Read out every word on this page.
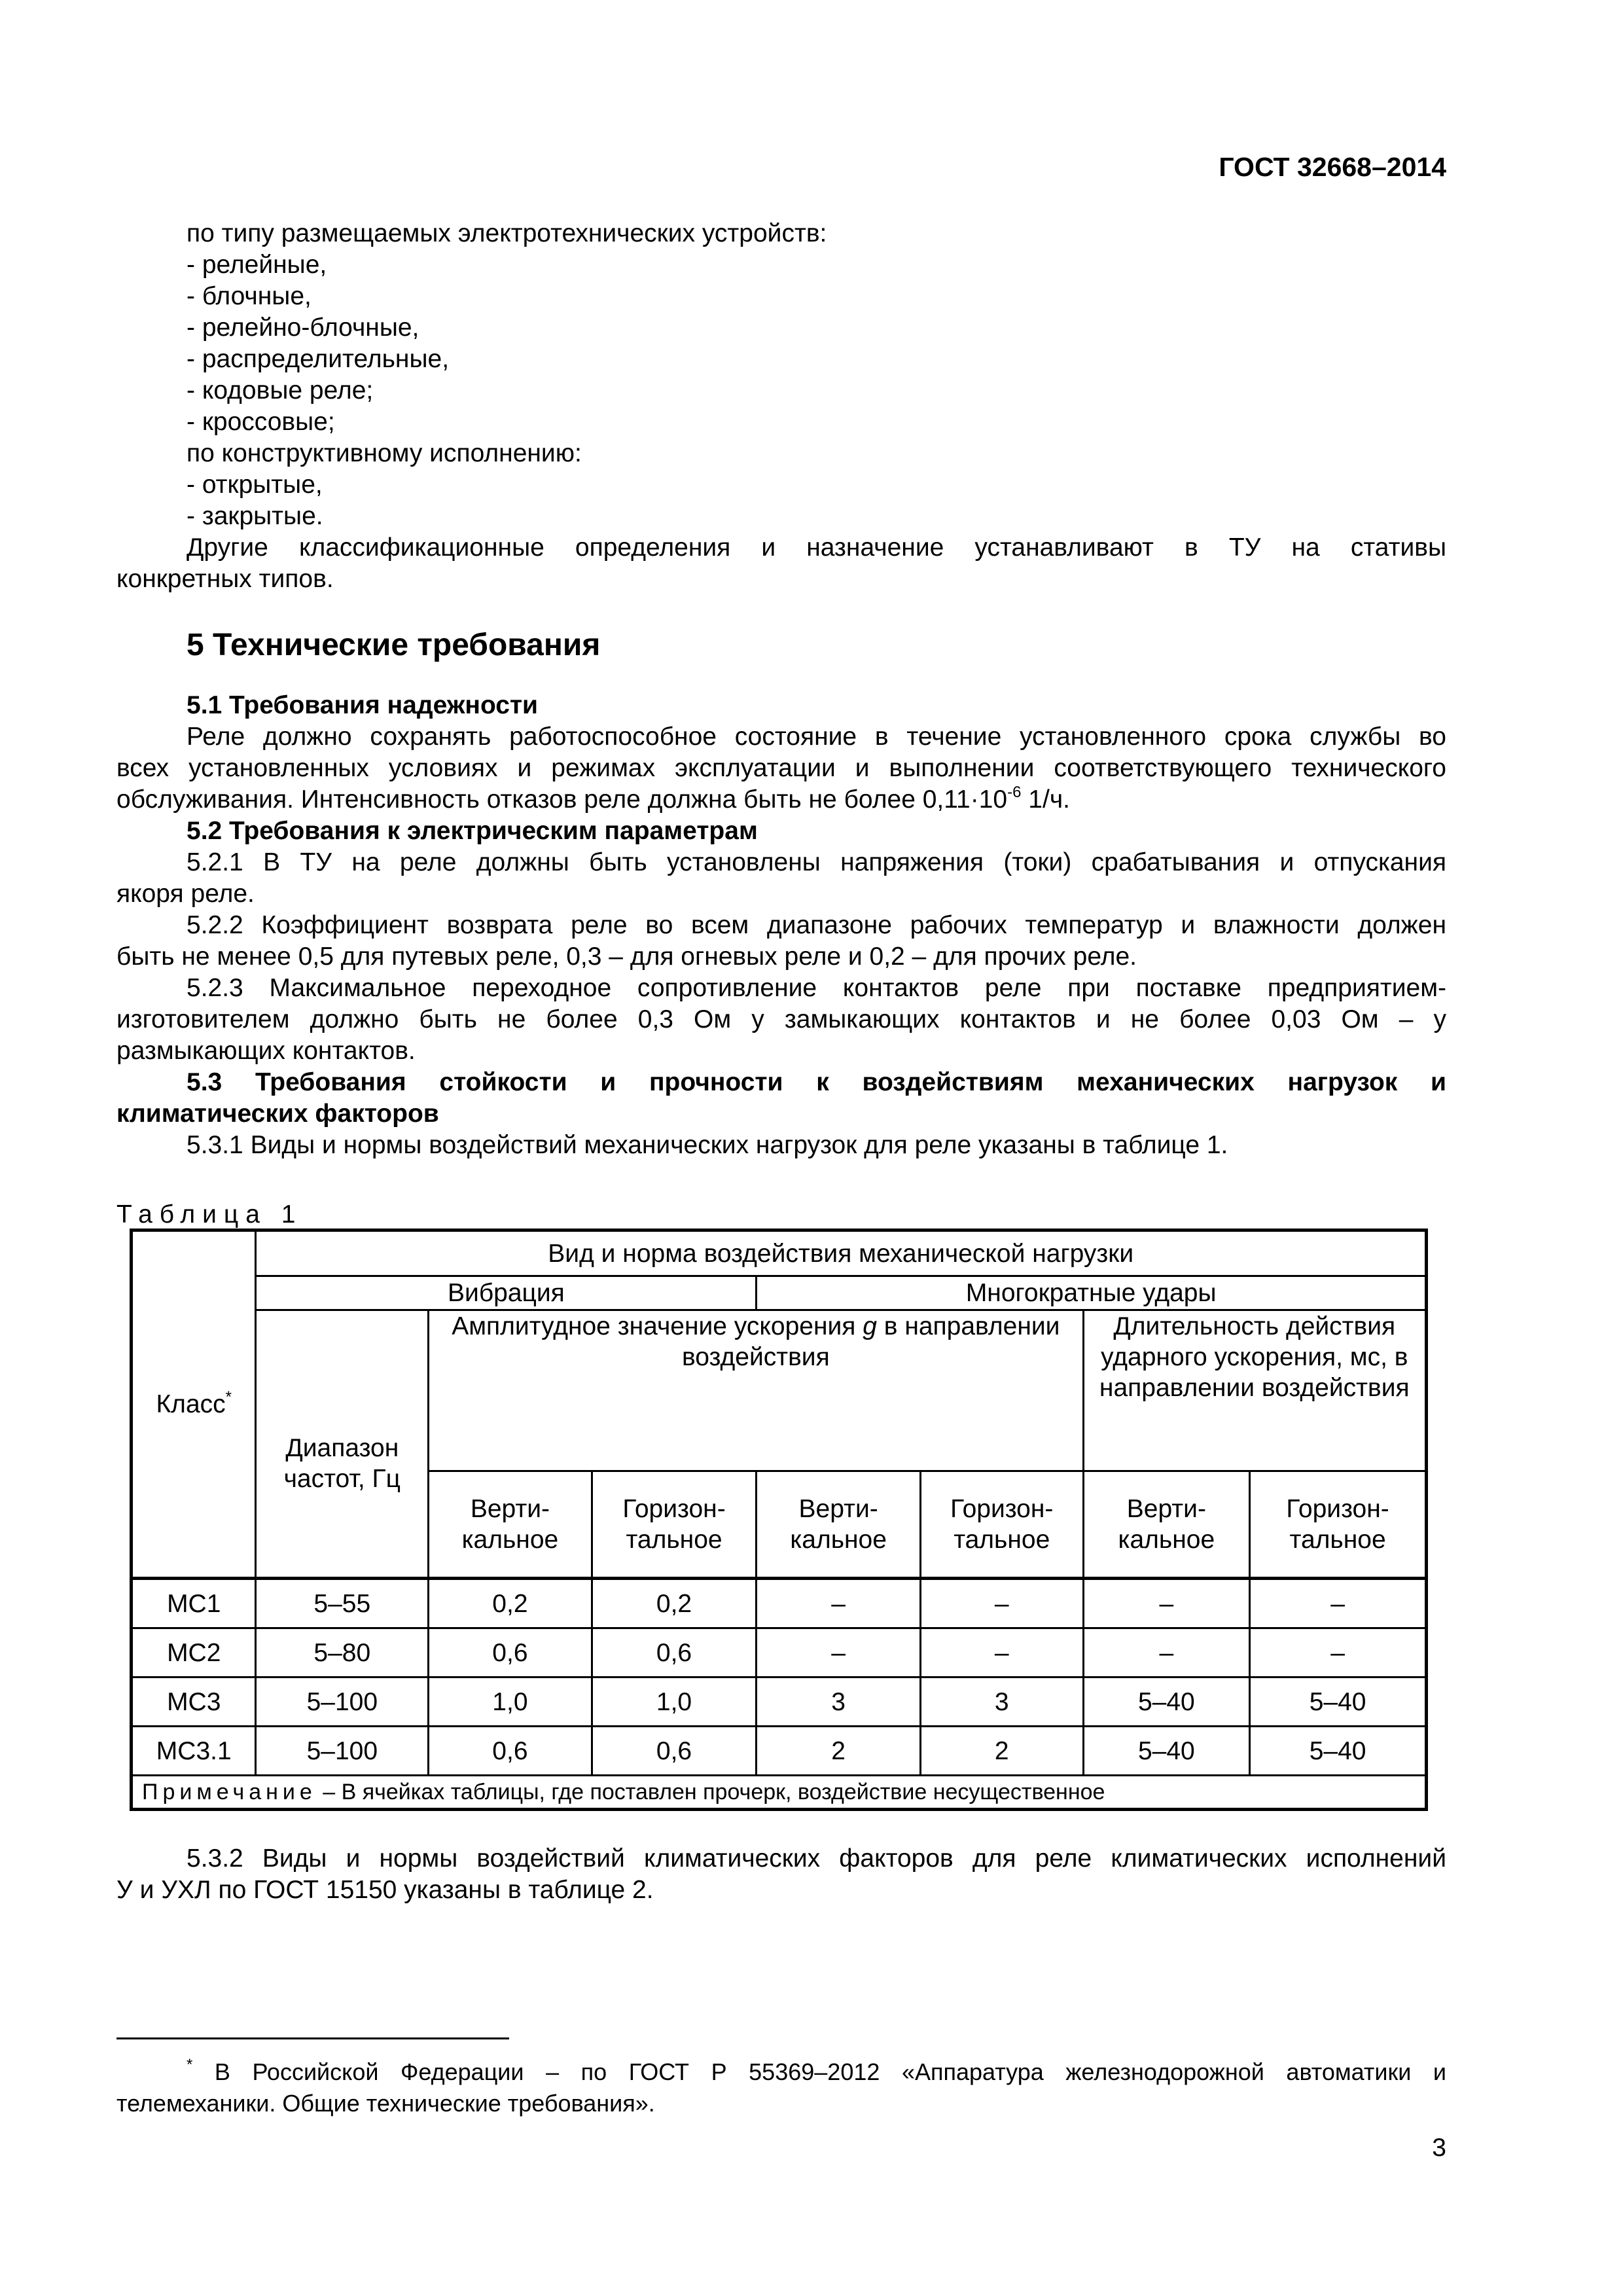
ГОСТ 32668–2014
по типу размещаемых электротехнических устройств:
- релейные,
- блочные,
- релейно-блочные,
- распределительные,
- кодовые реле;
- кроссовые;
по конструктивному исполнению:
- открытые,
- закрытые.
Другие классификационные определения и назначение устанавливают в ТУ на стативы
конкретных типов.
5 Технические требования
5.1 Требования надежности
Реле должно сохранять работоспособное состояние в течение установленного срока службы во
всех установленных условиях и режимах эксплуатации и выполнении соответствующего технического
обслуживания. Интенсивность отказов реле должна быть не более $0,11\cdot 10^{-6}$ 1/ч.
5.2 Требования к электрическим параметрам
5.2.1 В ТУ на реле должны быть установлены напряжения (токи) срабатывания и отпускания
якоря реле.
5.2.2 Коэффициент возврата реле во всем диапазоне рабочих температур и влажности должен
быть не менее 0,5 для путевых реле, 0,3 – для огневых реле и 0,2 – для прочих реле.
5.2.3 Максимальное переходное сопротивление контактов реле при поставке предприятием-
изготовителем должно быть не более 0,3 Ом у замыкающих контактов и не более 0,03 Ом – у
размыкающих контактов.
5.3 Требования стойкости и прочности к воздействиям механических нагрузок и
климатических факторов
5.3.1 Виды и нормы воздействий механических нагрузок для реле указаны в таблице 1.
Таблица 1
Класс*	Вид и норма воздействия механической нагрузки						
	Вибрация			Многократные удары			
	Диапазон частот, Гц	Амплитудное значение ускорения g в направлении воздействия				Длительность действия ударного ускорения, мс, в направлении воздействия	
		Верти-кальное	Горизон-тальное	Верти-кальное	Горизон-тальное	Верти-кальное	Горизон-тальное
МС1	5–55	0,2	0,2	–	–	–	–
МС2	5–80	0,6	0,6	–	–	–	–
МС3	5–100	1,0	1,0	3	3	5–40	5–40
МС3.1	5–100	0,6	0,6	2	2	5–40	5–40
Примечание – В ячейках таблицы, где поставлен прочерк, воздействие несущественное							
5.3.2 Виды и нормы воздействий климатических факторов для реле климатических исполнений
У и УХЛ по ГОСТ 15150 указаны в таблице 2.
* В Российской Федерации – по ГОСТ Р 55369–2012 «Аппаратура железнодорожной автоматики и
телемеханики. Общие технические требования».
3
